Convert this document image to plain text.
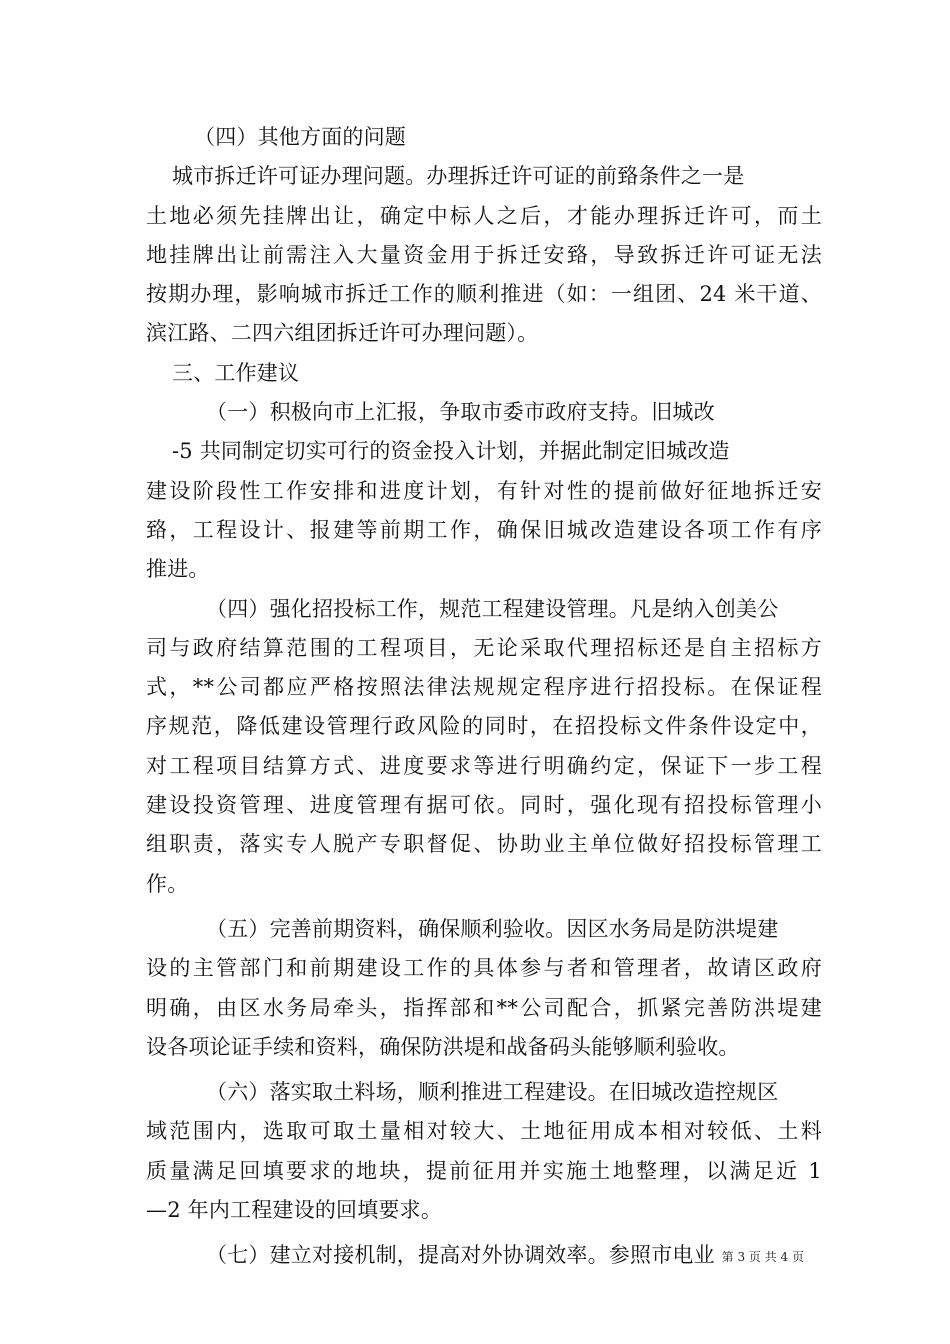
（四）其他方面的问题
城市拆迁许可证办理问题。办理拆迁许可证的前臵条件之一是
土地必须先挂牌出让，确定中标人之后，才能办理拆迁许可，而土
地挂牌出让前需注入大量资金用于拆迁安臵，导致拆迁许可证无法
按期办理，影响城市拆迁工作的顺利推进（如：一组团、24 米干道、
滨江路、二四六组团拆迁许可办理问题）。
三、工作建议
（一）积极向市上汇报，争取市委市政府支持。旧城改
-5 共同制定切实可行的资金投入计划，并据此制定旧城改造
建设阶段性工作安排和进度计划，有针对性的提前做好征地拆迁安
臵，工程设计、报建等前期工作，确保旧城改造建设各项工作有序
推进。
（四）强化招投标工作，规范工程建设管理。凡是纳入创美公
司与政府结算范围的工程项目，无论采取代理招标还是自主招标方
式，**公司都应严格按照法律法规规定程序进行招投标。在保证程
序规范，降低建设管理行政风险的同时，在招投标文件条件设定中，
对工程项目结算方式、进度要求等进行明确约定，保证下一步工程
建设投资管理、进度管理有据可依。同时，强化现有招投标管理小
组职责，落实专人脱产专职督促、协助业主单位做好招投标管理工
作。
（五）完善前期资料，确保顺利验收。因区水务局是防洪堤建
设的主管部门和前期建设工作的具体参与者和管理者，故请区政府
明确，由区水务局牵头，指挥部和**公司配合，抓紧完善防洪堤建
设各项论证手续和资料，确保防洪堤和战备码头能够顺利验收。
（六）落实取土料场，顺利推进工程建设。在旧城改造控规区
域范围内，选取可取土量相对较大、土地征用成本相对较低、土料
质量满足回填要求的地块，提前征用并实施土地整理，以满足近 1
—2 年内工程建设的回填要求。
（七）建立对接机制，提高对外协调效率。参照市电业 第 3 页 共 4 页
